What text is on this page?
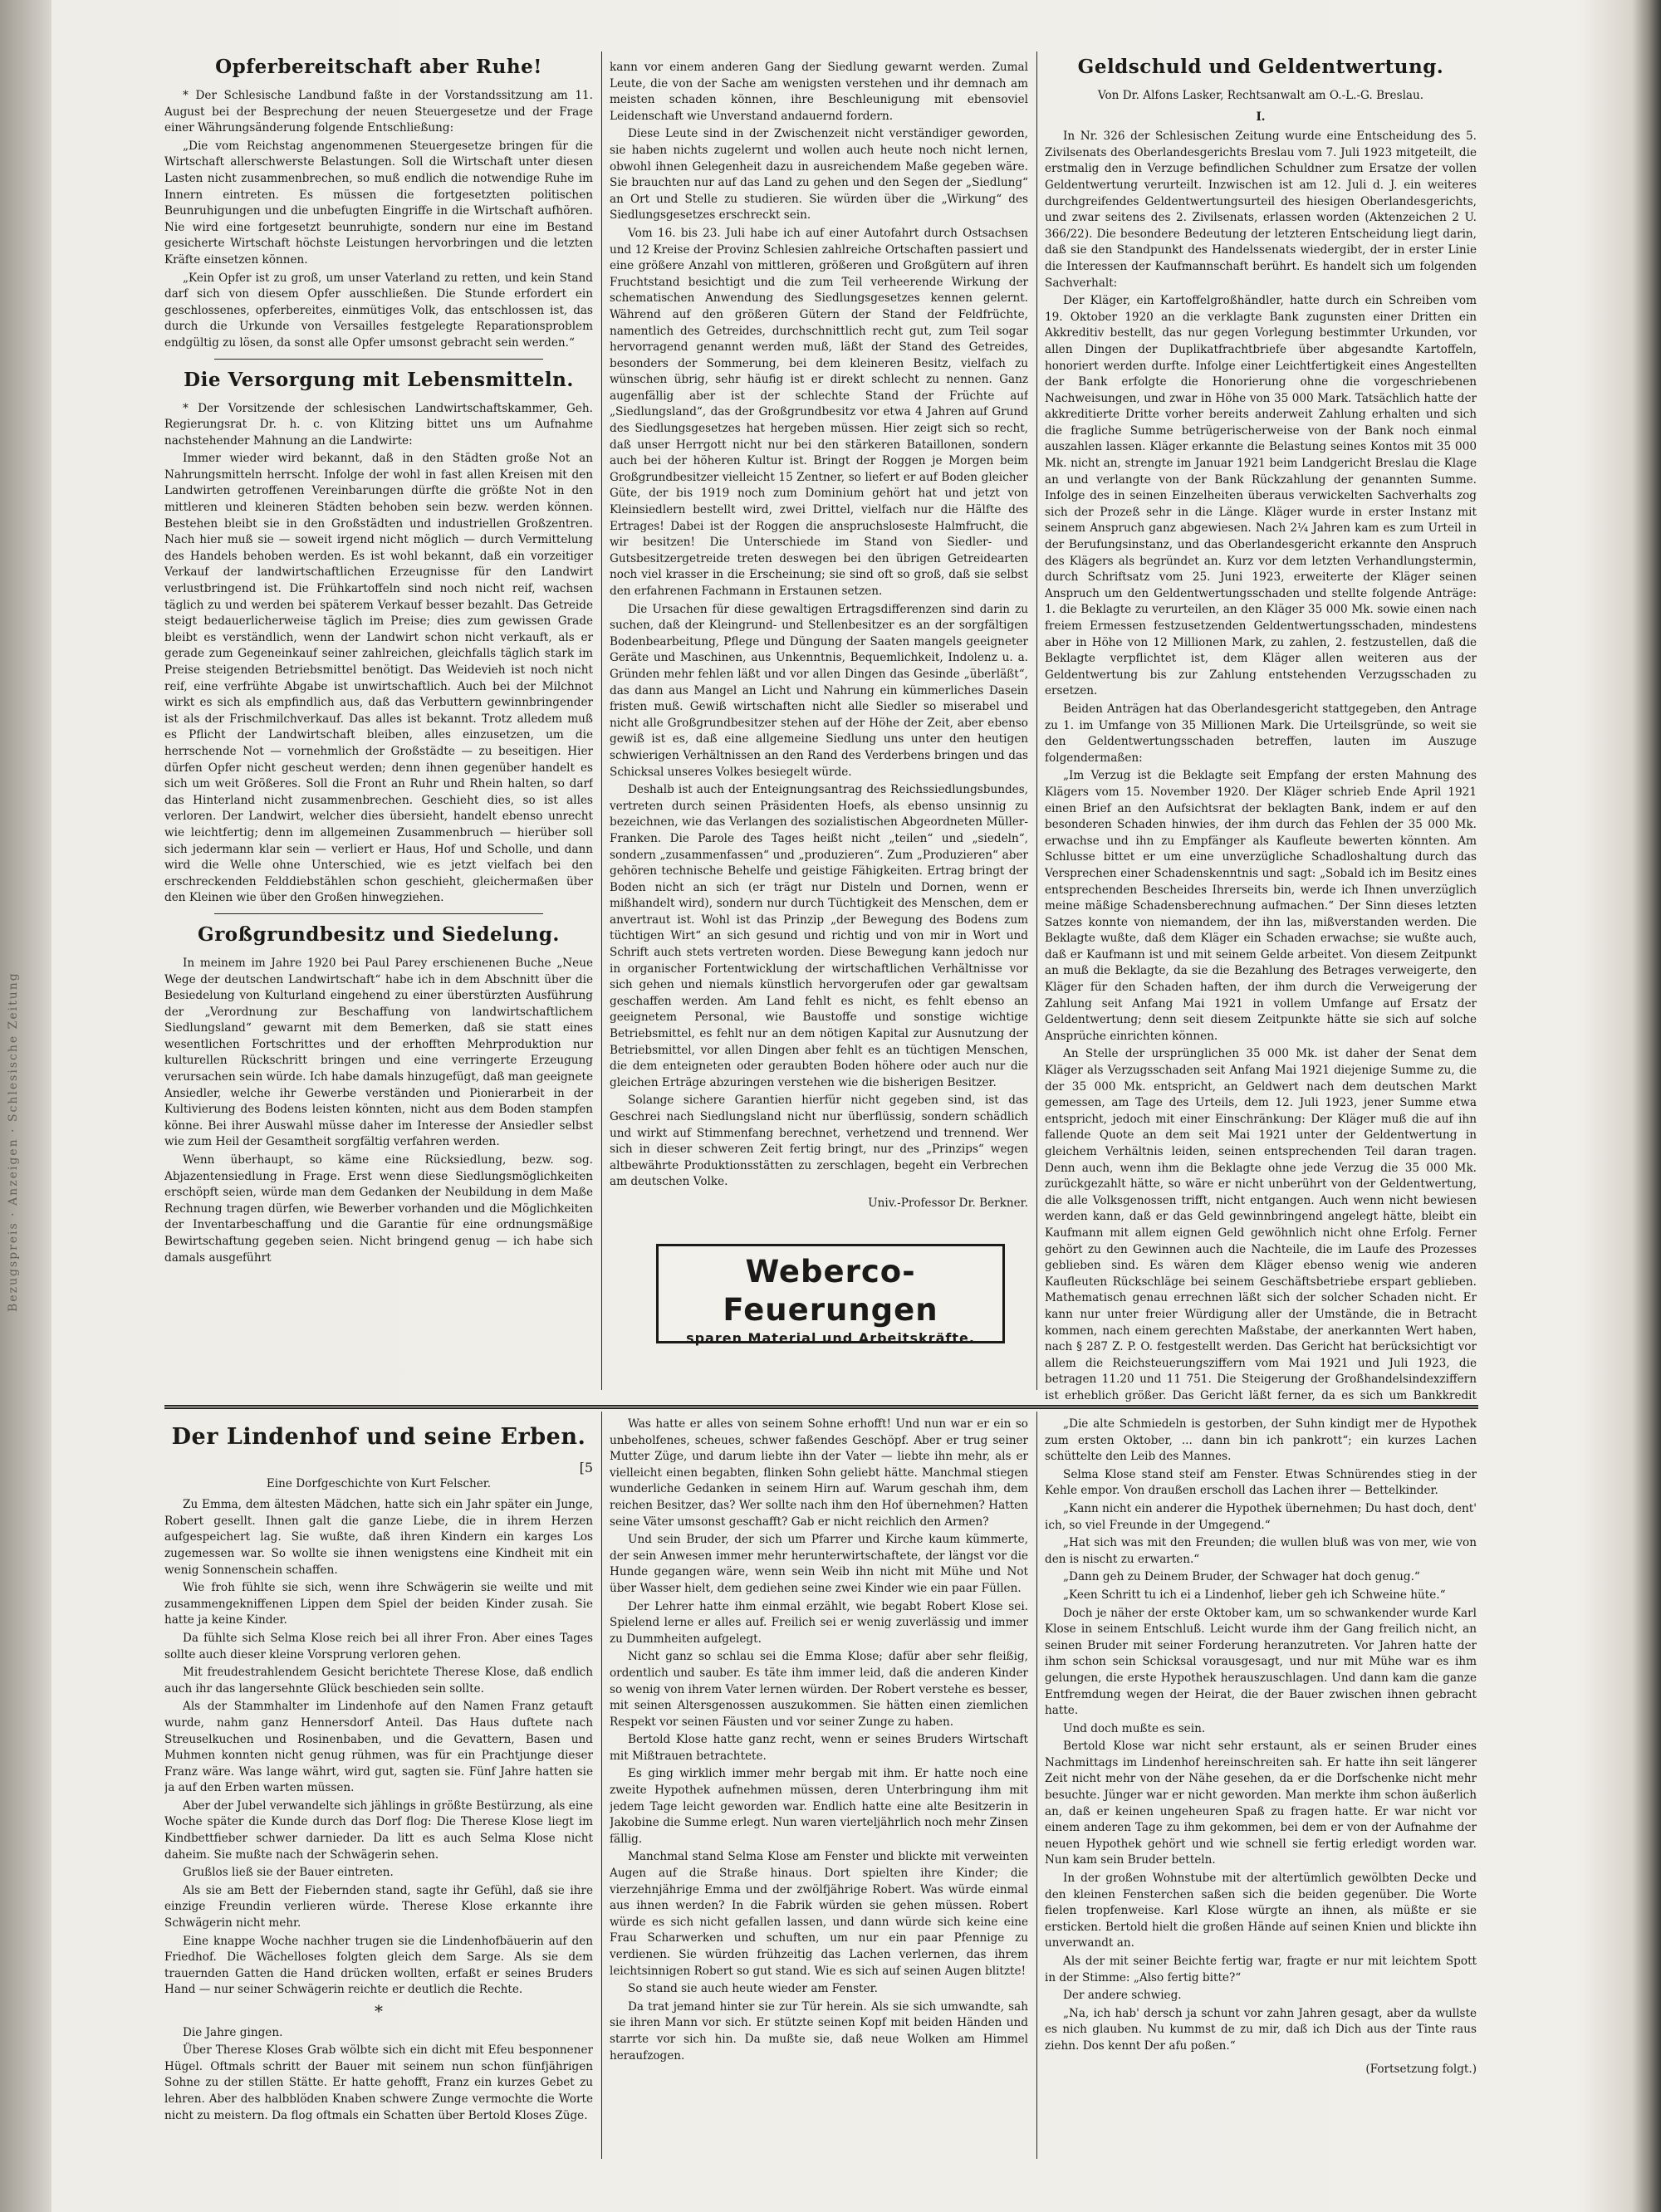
Bezugspreis · Anzeigen · Schlesische Zeitung
Opferbereitschaft aber Ruhe!

* Der Schlesische Landbund faßte in der Vorstandssitzung am 11. August bei der Besprechung der neuen Steuergesetze und der Frage einer Währungsänderung folgende Entschließung:

„Die vom Reichstag angenommenen Steuergesetze bringen für die Wirtschaft allerschwerste Belastungen. Soll die Wirtschaft unter diesen Lasten nicht zusammenbrechen, so muß endlich die notwendige Ruhe im Innern eintreten. Es müssen die fortgesetzten politischen Beunruhigungen und die unbefugten Eingriffe in die Wirtschaft aufhören. Nie wird eine fortgesetzt beunruhigte, sondern nur eine im Bestand gesicherte Wirtschaft höchste Leistungen hervorbringen und die letzten Kräfte einsetzen können.

„Kein Opfer ist zu groß, um unser Vaterland zu retten, und kein Stand darf sich von diesem Opfer ausschließen. Die Stunde erfordert ein geschlossenes, opferbereites, einmütiges Volk, das entschlossen ist, das durch die Urkunde von Versailles festgelegte Reparationsproblem endgültig zu lösen, da sonst alle Opfer umsonst gebracht sein werden.“

Die Versorgung mit Lebensmitteln.

* Der Vorsitzende der schlesischen Landwirtschaftskammer, Geh. Regierungsrat Dr. h. c. von Klitzing bittet uns um Aufnahme nachstehender Mahnung an die Landwirte:

Immer wieder wird bekannt, daß in den Städten große Not an Nahrungsmitteln herrscht. Infolge der wohl in fast allen Kreisen mit den Landwirten getroffenen Vereinbarungen dürfte die größte Not in den mittleren und kleineren Städten behoben sein bezw. werden können. Bestehen bleibt sie in den Großstädten und industriellen Großzentren. Nach hier muß sie — soweit irgend nicht möglich — durch Vermittelung des Handels behoben werden. Es ist wohl bekannt, daß ein vorzeitiger Verkauf der landwirtschaftlichen Erzeugnisse für den Landwirt verlustbringend ist. Die Frühkartoffeln sind noch nicht reif, wachsen täglich zu und werden bei späterem Verkauf besser bezahlt. Das Getreide steigt bedauerlicherweise täglich im Preise; dies zum gewissen Grade bleibt es verständlich, wenn der Landwirt schon nicht verkauft, als er gerade zum Gegeneinkauf seiner zahlreichen, gleichfalls täglich stark im Preise steigenden Betriebsmittel benötigt. Das Weidevieh ist noch nicht reif, eine verfrühte Abgabe ist unwirtschaftlich. Auch bei der Milchnot wirkt es sich als empfindlich aus, daß das Verbuttern gewinnbringender ist als der Frischmilchverkauf. Das alles ist bekannt. Trotz alledem muß es Pflicht der Landwirtschaft bleiben, alles einzusetzen, um die herrschende Not — vornehmlich der Großstädte — zu beseitigen. Hier dürfen Opfer nicht gescheut werden; denn ihnen gegenüber handelt es sich um weit Größeres. Soll die Front an Ruhr und Rhein halten, so darf das Hinterland nicht zusammenbrechen. Geschieht dies, so ist alles verloren. Der Landwirt, welcher dies übersieht, handelt ebenso unrecht wie leichtfertig; denn im allgemeinen Zusammenbruch — hierüber soll sich jedermann klar sein — verliert er Haus, Hof und Scholle, und dann wird die Welle ohne Unterschied, wie es jetzt vielfach bei den erschreckenden Felddiebstählen schon geschieht, gleichermaßen über den Kleinen wie über den Großen hinwegziehen.

Großgrundbesitz und Siedelung.

In meinem im Jahre 1920 bei Paul Parey erschienenen Buche „Neue Wege der deutschen Landwirtschaft“ habe ich in dem Abschnitt über die Besiedelung von Kulturland eingehend zu einer überstürzten Ausführung der „Verordnung zur Beschaffung von landwirtschaftlichem Siedlungsland“ gewarnt mit dem Bemerken, daß sie statt eines wesentlichen Fortschrittes und der erhofften Mehrproduktion nur kulturellen Rückschritt bringen und eine verringerte Erzeugung verursachen sein würde. Ich habe damals hinzugefügt, daß man geeignete Ansiedler, welche ihr Gewerbe verständen und Pionierarbeit in der Kultivierung des Bodens leisten könnten, nicht aus dem Boden stampfen könne. Bei ihrer Auswahl müsse daher im Interesse der Ansiedler selbst wie zum Heil der Gesamtheit sorgfältig verfahren werden.

Wenn überhaupt, so käme eine Rücksiedlung, bezw. sog. Abjazentensiedlung in Frage. Erst wenn diese Siedlungsmöglichkeiten erschöpft seien, würde man dem Gedanken der Neubildung in dem Maße Rechnung tragen dürfen, wie Bewerber vorhanden und die Möglichkeiten der Inventarbeschaffung und die Garantie für eine ordnungsmäßige Bewirtschaftung gegeben seien. Nicht bringend genug — ich habe sich damals ausgeführt

kann vor einem anderen Gang der Siedlung gewarnt werden. Zumal Leute, die von der Sache am wenigsten verstehen und ihr demnach am meisten schaden können, ihre Beschleunigung mit ebensoviel Leidenschaft wie Unverstand andauernd fordern.

Diese Leute sind in der Zwischenzeit nicht verständiger geworden, sie haben nichts zugelernt und wollen auch heute noch nicht lernen, obwohl ihnen Gelegenheit dazu in ausreichendem Maße gegeben wäre. Sie brauchten nur auf das Land zu gehen und den Segen der „Siedlung“ an Ort und Stelle zu studieren. Sie würden über die „Wirkung“ des Siedlungsgesetzes erschreckt sein.

Vom 16. bis 23. Juli habe ich auf einer Autofahrt durch Ostsachsen und 12 Kreise der Provinz Schlesien zahlreiche Ortschaften passiert und eine größere Anzahl von mittleren, größeren und Großgütern auf ihren Fruchtstand besichtigt und die zum Teil verheerende Wirkung der schematischen Anwendung des Siedlungsgesetzes kennen gelernt. Während auf den größeren Gütern der Stand der Feldfrüchte, namentlich des Getreides, durchschnittlich recht gut, zum Teil sogar hervorragend genannt werden muß, läßt der Stand des Getreides, besonders der Sommerung, bei dem kleineren Besitz, vielfach zu wünschen übrig, sehr häufig ist er direkt schlecht zu nennen. Ganz augenfällig aber ist der schlechte Stand der Früchte auf „Siedlungsland“, das der Großgrundbesitz vor etwa 4 Jahren auf Grund des Siedlungsgesetzes hat hergeben müssen. Hier zeigt sich so recht, daß unser Herrgott nicht nur bei den stärkeren Bataillonen, sondern auch bei der höheren Kultur ist. Bringt der Roggen je Morgen beim Großgrundbesitzer vielleicht 15 Zentner, so liefert er auf Boden gleicher Güte, der bis 1919 noch zum Dominium gehört hat und jetzt von Kleinsiedlern bestellt wird, zwei Drittel, vielfach nur die Hälfte des Ertrages! Dabei ist der Roggen die anspruchsloseste Halmfrucht, die wir besitzen! Die Unterschiede im Stand von Siedler- und Gutsbesitzergetreide treten deswegen bei den übrigen Getreidearten noch viel krasser in die Erscheinung; sie sind oft so groß, daß sie selbst den erfahrenen Fachmann in Erstaunen setzen.

Die Ursachen für diese gewaltigen Ertragsdifferenzen sind darin zu suchen, daß der Kleingrund- und Stellenbesitzer es an der sorgfältigen Bodenbearbeitung, Pflege und Düngung der Saaten mangels geeigneter Geräte und Maschinen, aus Unkenntnis, Bequemlichkeit, Indolenz u. a. Gründen mehr fehlen läßt und vor allen Dingen das Gesinde „überläßt“, das dann aus Mangel an Licht und Nahrung ein kümmerliches Dasein fristen muß. Gewiß wirtschaften nicht alle Siedler so miserabel und nicht alle Großgrundbesitzer stehen auf der Höhe der Zeit, aber ebenso gewiß ist es, daß eine allgemeine Siedlung uns unter den heutigen schwierigen Verhältnissen an den Rand des Verderbens bringen und das Schicksal unseres Volkes besiegelt würde.

Deshalb ist auch der Enteignungsantrag des Reichssiedlungsbundes, vertreten durch seinen Präsidenten Hoefs, als ebenso unsinnig zu bezeichnen, wie das Verlangen des sozialistischen Abgeordneten Müller-Franken. Die Parole des Tages heißt nicht „teilen“ und „siedeln“, sondern „zusammenfassen“ und „produzieren“. Zum „Produzieren“ aber gehören technische Behelfe und geistige Fähigkeiten. Ertrag bringt der Boden nicht an sich (er trägt nur Disteln und Dornen, wenn er mißhandelt wird), sondern nur durch Tüchtigkeit des Menschen, dem er anvertraut ist. Wohl ist das Prinzip „der Bewegung des Bodens zum tüchtigen Wirt“ an sich gesund und richtig und von mir in Wort und Schrift auch stets vertreten worden. Diese Bewegung kann jedoch nur in organischer Fortentwicklung der wirtschaftlichen Verhältnisse vor sich gehen und niemals künstlich hervorgerufen oder gar gewaltsam geschaffen werden. Am Land fehlt es nicht, es fehlt ebenso an geeignetem Personal, wie Baustoffe und sonstige wichtige Betriebsmittel, es fehlt nur an dem nötigen Kapital zur Ausnutzung der Betriebsmittel, vor allen Dingen aber fehlt es an tüchtigen Menschen, die dem enteigneten oder geraubten Boden höhere oder auch nur die gleichen Erträge abzuringen verstehen wie die bisherigen Besitzer.

Solange sichere Garantien hierfür nicht gegeben sind, ist das Geschrei nach Siedlungsland nicht nur überflüssig, sondern schädlich und wirkt auf Stimmenfang berechnet, verhetzend und trennend. Wer sich in dieser schweren Zeit fertig bringt, nur des „Prinzips“ wegen altbewährte Produktionsstätten zu zerschlagen, begeht ein Verbrechen am deutschen Volke.

Univ.-Professor Dr. Berkner.
Weberco-Feuerungen
sparen Material und Arbeitskräfte.
Geldschuld und Geldentwertung.
Von Dr. Alfons Lasker, Rechtsanwalt am O.-L.-G. Breslau.
I.

In Nr. 326 der Schlesischen Zeitung wurde eine Entscheidung des 5. Zivilsenats des Oberlandesgerichts Breslau vom 7. Juli 1923 mitgeteilt, die erstmalig den in Verzuge befindlichen Schuldner zum Ersatze der vollen Geldentwertung verurteilt. Inzwischen ist am 12. Juli d. J. ein weiteres durchgreifendes Geldentwertungsurteil des hiesigen Oberlandesgerichts, und zwar seitens des 2. Zivilsenats, erlassen worden (Aktenzeichen 2 U. 366/22). Die besondere Bedeutung der letzteren Entscheidung liegt darin, daß sie den Standpunkt des Handelssenats wiedergibt, der in erster Linie die Interessen der Kaufmannschaft berührt. Es handelt sich um folgenden Sachverhalt:

Der Kläger, ein Kartoffelgroßhändler, hatte durch ein Schreiben vom 19. Oktober 1920 an die verklagte Bank zugunsten einer Dritten ein Akkreditiv bestellt, das nur gegen Vorlegung bestimmter Urkunden, vor allen Dingen der Duplikatfrachtbriefe über abgesandte Kartoffeln, honoriert werden durfte. Infolge einer Leichtfertigkeit eines Angestellten der Bank erfolgte die Honorierung ohne die vorgeschriebenen Nachweisungen, und zwar in Höhe von 35 000 Mark. Tatsächlich hatte der akkreditierte Dritte vorher bereits anderweit Zahlung erhalten und sich die fragliche Summe betrügerischerweise von der Bank noch einmal auszahlen lassen. Kläger erkannte die Belastung seines Kontos mit 35 000 Mk. nicht an, strengte im Januar 1921 beim Landgericht Breslau die Klage an und verlangte von der Bank Rückzahlung der genannten Summe. Infolge des in seinen Einzelheiten überaus verwickelten Sachverhalts zog sich der Prozeß sehr in die Länge. Kläger wurde in erster Instanz mit seinem Anspruch ganz abgewiesen. Nach 2¼ Jahren kam es zum Urteil in der Berufungsinstanz, und das Oberlandesgericht erkannte den Anspruch des Klägers als begründet an. Kurz vor dem letzten Verhandlungstermin, durch Schriftsatz vom 25. Juni 1923, erweiterte der Kläger seinen Anspruch um den Geldentwertungsschaden und stellte folgende Anträge: 1. die Beklagte zu verurteilen, an den Kläger 35 000 Mk. sowie einen nach freiem Ermessen festzusetzenden Geldentwertungsschaden, mindestens aber in Höhe von 12 Millionen Mark, zu zahlen, 2. festzustellen, daß die Beklagte verpflichtet ist, dem Kläger allen weiteren aus der Geldentwertung bis zur Zahlung entstehenden Verzugsschaden zu ersetzen.

Beiden Anträgen hat das Oberlandesgericht stattgegeben, den Antrage zu 1. im Umfange von 35 Millionen Mark. Die Urteilsgründe, so weit sie den Geldentwertungsschaden betreffen, lauten im Auszuge folgendermaßen:

„Im Verzug ist die Beklagte seit Empfang der ersten Mahnung des Klägers vom 15. November 1920. Der Kläger schrieb Ende April 1921 einen Brief an den Aufsichtsrat der beklagten Bank, indem er auf den besonderen Schaden hinwies, der ihm durch das Fehlen der 35 000 Mk. erwachse und ihn zu Empfänger als Kaufleute bewerten könnten. Am Schlusse bittet er um eine unverzügliche Schadloshaltung durch das Versprechen einer Schadenskenntnis und sagt: „Sobald ich im Besitz eines entsprechenden Bescheides Ihrerseits bin, werde ich Ihnen unverzüglich meine mäßige Schadensberechnung aufmachen.“ Der Sinn dieses letzten Satzes konnte von niemandem, der ihn las, mißverstanden werden. Die Beklagte wußte, daß dem Kläger ein Schaden erwachse; sie wußte auch, daß er Kaufmann ist und mit seinem Gelde arbeitet. Von diesem Zeitpunkt an muß die Beklagte, da sie die Bezahlung des Betrages verweigerte, den Kläger für den Schaden haften, der ihm durch die Verweigerung der Zahlung seit Anfang Mai 1921 in vollem Umfange auf Ersatz der Geldentwertung; denn seit diesem Zeitpunkte hätte sie sich auf solche Ansprüche einrichten können.

An Stelle der ursprünglichen 35 000 Mk. ist daher der Senat dem Kläger als Verzugsschaden seit Anfang Mai 1921 diejenige Summe zu, die der 35 000 Mk. entspricht, an Geldwert nach dem deutschen Markt gemessen, am Tage des Urteils, dem 12. Juli 1923, jener Summe etwa entspricht, jedoch mit einer Einschränkung: Der Kläger muß die auf ihn fallende Quote an dem seit Mai 1921 unter der Geldentwertung in gleichem Verhältnis leiden, seinen entsprechenden Teil daran tragen. Denn auch, wenn ihm die Beklagte ohne jede Verzug die 35 000 Mk. zurückgezahlt hätte, so wäre er nicht unberührt von der Geldentwertung, die alle Volksgenossen trifft, nicht entgangen. Auch wenn nicht bewiesen werden kann, daß er das Geld gewinnbringend angelegt hätte, bleibt ein Kaufmann mit allem eignen Geld gewöhnlich nicht ohne Erfolg. Ferner gehört zu den Gewinnen auch die Nachteile, die im Laufe des Prozesses geblieben sind. Es wären dem Kläger ebenso wenig wie anderen Kaufleuten Rückschläge bei seinem Geschäftsbetriebe erspart geblieben. Mathematisch genau errechnen läßt sich der solcher Schaden nicht. Er kann nur unter freier Würdigung aller der Umstände, die in Betracht kommen, nach einem gerechten Maßstabe, der anerkannten Wert haben, nach § 287 Z. P. O. festgestellt werden. Das Gericht hat berücksichtigt vor allem die Reichsteuerungsziffern vom Mai 1921 und Juli 1923, die betragen 11.20 und 11 751. Die Steigerung der Großhandelsindexziffern ist erheblich größer. Das Gericht läßt ferner, da es sich um Bankkredit

Der Lindenhof und seine Erben.
[5
Eine Dorfgeschichte von Kurt Felscher.

Zu Emma, dem ältesten Mädchen, hatte sich ein Jahr später ein Junge, Robert gesellt. Ihnen galt die ganze Liebe, die in ihrem Herzen aufgespeichert lag. Sie wußte, daß ihren Kindern ein karges Los zugemessen war. So wollte sie ihnen wenigstens eine Kindheit mit ein wenig Sonnenschein schaffen.

Wie froh fühlte sie sich, wenn ihre Schwägerin sie weilte und mit zusammengekniffenen Lippen dem Spiel der beiden Kinder zusah. Sie hatte ja keine Kinder.

Da fühlte sich Selma Klose reich bei all ihrer Fron. Aber eines Tages sollte auch dieser kleine Vorsprung verloren gehen.

Mit freudestrahlendem Gesicht berichtete Therese Klose, daß endlich auch ihr das langersehnte Glück beschieden sein sollte.

Als der Stammhalter im Lindenhofe auf den Namen Franz getauft wurde, nahm ganz Hennersdorf Anteil. Das Haus duftete nach Streuselkuchen und Rosinenbaben, und die Gevattern, Basen und Muhmen konnten nicht genug rühmen, was für ein Prachtjunge dieser Franz wäre. Was lange währt, wird gut, sagten sie. Fünf Jahre hatten sie ja auf den Erben warten müssen.

Aber der Jubel verwandelte sich jählings in größte Bestürzung, als eine Woche später die Kunde durch das Dorf flog: Die Therese Klose liegt im Kindbettfieber schwer darnieder. Da litt es auch Selma Klose nicht daheim. Sie mußte nach der Schwägerin sehen.

Grußlos ließ sie der Bauer eintreten.

Als sie am Bett der Fiebernden stand, sagte ihr Gefühl, daß sie ihre einzige Freundin verlieren würde. Therese Klose erkannte ihre Schwägerin nicht mehr.

Eine knappe Woche nachher trugen sie die Lindenhofbäuerin auf den Friedhof. Die Wächelloses folgten gleich dem Sarge. Als sie dem trauernden Gatten die Hand drücken wollten, erfaßt er seines Bruders Hand — nur seiner Schwägerin reichte er deutlich die Rechte.

*

Die Jahre gingen.

Über Therese Kloses Grab wölbte sich ein dicht mit Efeu besponnener Hügel. Oftmals schritt der Bauer mit seinem nun schon fünfjährigen Sohne zu der stillen Stätte. Er hatte gehofft, Franz ein kurzes Gebet zu lehren. Aber des halbblöden Knaben schwere Zunge vermochte die Worte nicht zu meistern. Da flog oftmals ein Schatten über Bertold Kloses Züge.

Was hatte er alles von seinem Sohne erhofft! Und nun war er ein so unbeholfenes, scheues, schwer faßendes Geschöpf. Aber er trug seiner Mutter Züge, und darum liebte ihn der Vater — liebte ihn mehr, als er vielleicht einen begabten, flinken Sohn geliebt hätte. Manchmal stiegen wunderliche Gedanken in seinem Hirn auf. Warum geschah ihm, dem reichen Besitzer, das? Wer sollte nach ihm den Hof übernehmen? Hatten seine Väter umsonst geschafft? Gab er nicht reichlich den Armen?

Und sein Bruder, der sich um Pfarrer und Kirche kaum kümmerte, der sein Anwesen immer mehr herunterwirtschaftete, der längst vor die Hunde gegangen wäre, wenn sein Weib ihn nicht mit Mühe und Not über Wasser hielt, dem gediehen seine zwei Kinder wie ein paar Füllen.

Der Lehrer hatte ihm einmal erzählt, wie begabt Robert Klose sei. Spielend lerne er alles auf. Freilich sei er wenig zuverlässig und immer zu Dummheiten aufgelegt.

Nicht ganz so schlau sei die Emma Klose; dafür aber sehr fleißig, ordentlich und sauber. Es täte ihm immer leid, daß die anderen Kinder so wenig von ihrem Vater lernen würden. Der Robert verstehe es besser, mit seinen Altersgenossen auszukommen. Sie hätten einen ziemlichen Respekt vor seinen Fäusten und vor seiner Zunge zu haben.

Bertold Klose hatte ganz recht, wenn er seines Bruders Wirtschaft mit Mißtrauen betrachtete.

Es ging wirklich immer mehr bergab mit ihm. Er hatte noch eine zweite Hypothek aufnehmen müssen, deren Unterbringung ihm mit jedem Tage leicht geworden war. Endlich hatte eine alte Besitzerin in Jakobine die Summe erlegt. Nun waren vierteljährlich noch mehr Zinsen fällig.

Manchmal stand Selma Klose am Fenster und blickte mit verweinten Augen auf die Straße hinaus. Dort spielten ihre Kinder; die vierzehnjährige Emma und der zwölfjährige Robert. Was würde einmal aus ihnen werden? In die Fabrik würden sie gehen müssen. Robert würde es sich nicht gefallen lassen, und dann würde sich keine eine Frau Scharwerken und schuften, um nur ein paar Pfennige zu verdienen. Sie würden frühzeitig das Lachen verlernen, das ihrem leichtsinnigen Robert so gut stand. Wie es sich auf seinen Augen blitzte!

So stand sie auch heute wieder am Fenster.

Da trat jemand hinter sie zur Tür herein. Als sie sich umwandte, sah sie ihren Mann vor sich. Er stützte seinen Kopf mit beiden Händen und starrte vor sich hin. Da mußte sie, daß neue Wolken am Himmel heraufzogen.

„Die alte Schmiedeln is gestorben, der Suhn kindigt mer de Hypothek zum ersten Oktober, ... dann bin ich pankrott“; ein kurzes Lachen schüttelte den Leib des Mannes.

Selma Klose stand steif am Fenster. Etwas Schnürendes stieg in der Kehle empor. Von draußen erscholl das Lachen ihrer — Bettelkinder.

„Kann nicht ein anderer die Hypothek übernehmen; Du hast doch, dent' ich, so viel Freunde in der Umgegend.“

„Hat sich was mit den Freunden; die wullen bluß was von mer, wie von den is nischt zu erwarten.“

„Dann geh zu Deinem Bruder, der Schwager hat doch genug.“

„Keen Schritt tu ich ei a Lindenhof, lieber geh ich Schweine hüte.“

Doch je näher der erste Oktober kam, um so schwankender wurde Karl Klose in seinem Entschluß. Leicht wurde ihm der Gang freilich nicht, an seinen Bruder mit seiner Forderung heranzutreten. Vor Jahren hatte der ihm schon sein Schicksal vorausgesagt, und nur mit Mühe war es ihm gelungen, die erste Hypothek herauszuschlagen. Und dann kam die ganze Entfremdung wegen der Heirat, die der Bauer zwischen ihnen gebracht hatte.

Und doch mußte es sein.

Bertold Klose war nicht sehr erstaunt, als er seinen Bruder eines Nachmittags im Lindenhof hereinschreiten sah. Er hatte ihn seit längerer Zeit nicht mehr von der Nähe gesehen, da er die Dorfschenke nicht mehr besuchte. Jünger war er nicht geworden. Man merkte ihm schon äußerlich an, daß er keinen ungeheuren Spaß zu fragen hatte. Er war nicht vor einem anderen Tage zu ihm gekommen, bei dem er von der Aufnahme der neuen Hypothek gehört und wie schnell sie fertig erledigt worden war. Nun kam sein Bruder betteln.

In der großen Wohnstube mit der altertümlich gewölbten Decke und den kleinen Fensterchen saßen sich die beiden gegenüber. Die Worte fielen tropfenweise. Karl Klose würgte an ihnen, als müßte er sie ersticken. Bertold hielt die großen Hände auf seinen Knien und blickte ihn unverwandt an.

Als der mit seiner Beichte fertig war, fragte er nur mit leichtem Spott in der Stimme: „Also fertig bitte?“

Der andere schwieg.

„Na, ich hab' dersch ja schunt vor zahn Jahren gesagt, aber da wullste es nich glauben. Nu kummst de zu mir, daß ich Dich aus der Tinte raus ziehn. Dos kennt Der afu poßen.“

(Fortsetzung folgt.)
